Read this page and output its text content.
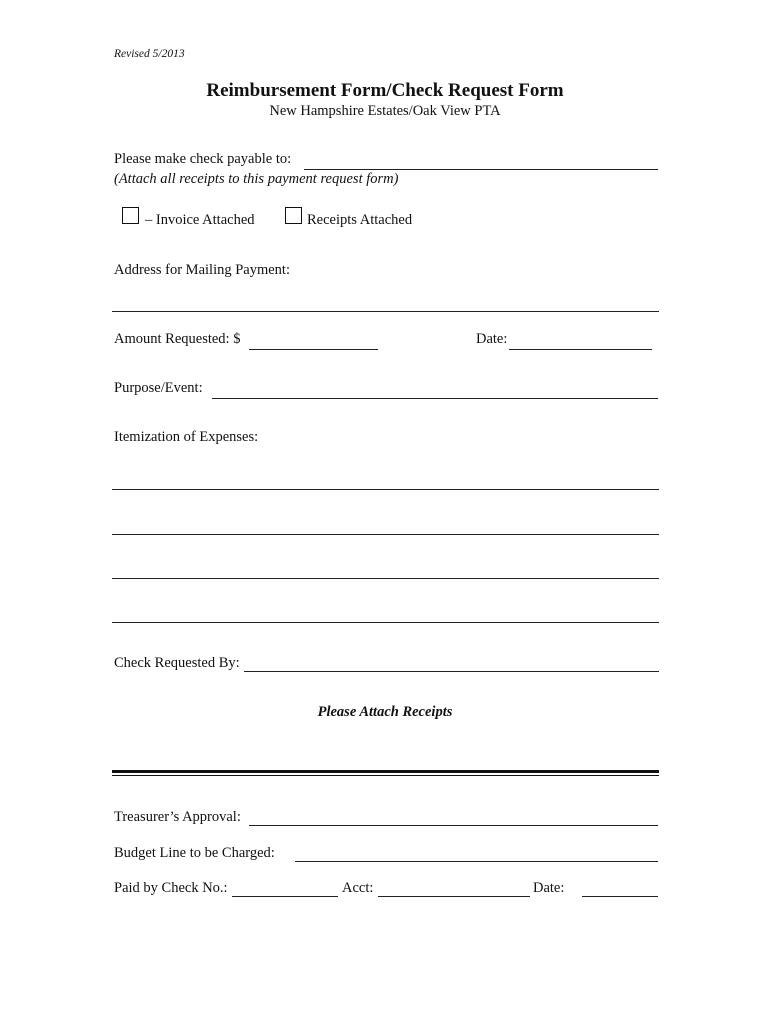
Revised 5/2013
Reimbursement Form/Check Request Form
New Hampshire Estates/Oak View PTA
Please make check payable to:
(Attach all receipts to this payment request form)
– Invoice Attached	Receipts Attached
Address for Mailing Payment:
Amount Requested: $	Date:
Purpose/Event:
Itemization of Expenses:
Check Requested By:
Please Attach Receipts
Treasurer’s Approval:
Budget Line to be Charged:
Paid by Check No.:	Acct:	Date:
